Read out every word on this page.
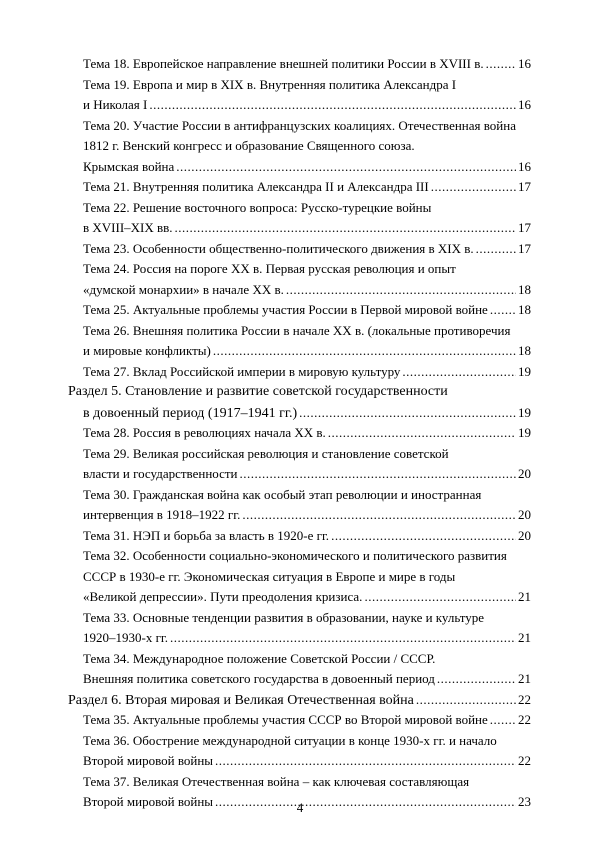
Тема 18. Европейское направление внешней политики России в XVIII в. .....	16
Тема 19. Европа и мир в XIX в. Внутренняя политика Александра I
и Николая I .....	16
Тема 20. Участие России в антифранцузских коалициях. Отечественная война
1812 г. Венский конгресс и образование Священного союза.
Крымская война .....	16
Тема 21. Внутренняя политика Александра II и Александра III .....	17
Тема 22. Решение восточного вопроса: Русско-турецкие войны
в XVIII–XIX вв. .....	17
Тема 23. Особенности общественно-политического движения в XIX в. .....	17
Тема 24. Россия на пороге XX в. Первая русская революция и опыт
«думской монархии» в начале XX в. .....	18
Тема 25. Актуальные проблемы участия России в Первой мировой войне ..... 18
Тема 26. Внешняя политика России в начале XX в. (локальные противоречия
и мировые конфликты) .....	18
Тема 27. Вклад Российской империи в мировую культуру .....	19
Раздел 5. Становление и развитие советской государственности
в довоенный период (1917–1941 гг.) .....	19
Тема 28. Россия в революциях начала XX в. .....	19
Тема 29. Великая российская революция и становление советской
власти и государственности .....	20
Тема 30. Гражданская война как особый этап революции и иностранная
интервенция в 1918–1922 гг. .....	20
Тема 31. НЭП и борьба за власть в 1920-е гг. .....	20
Тема 32. Особенности социально-экономического и политического развития
СССР в 1930-е гг. Экономическая ситуация в Европе и мире в годы
«Великой депрессии». Пути преодоления кризиса. .....	21
Тема 33. Основные тенденции развития в образовании, науке и культуре
1920–1930-х гг. .....	21
Тема 34. Международное положение Советской России / СССР.
Внешняя политика советского государства в довоенный период .....	21
Раздел 6. Вторая мировая и Великая Отечественная война .....	22
Тема 35. Актуальные проблемы участия СССР во Второй мировой войне ..... 22
Тема 36. Обострение международной ситуации в конце 1930-х гг. и начало
Второй мировой войны .....	22
Тема 37. Великая Отечественная война – как ключевая составляющая
Второй мировой войны .....	23
4
